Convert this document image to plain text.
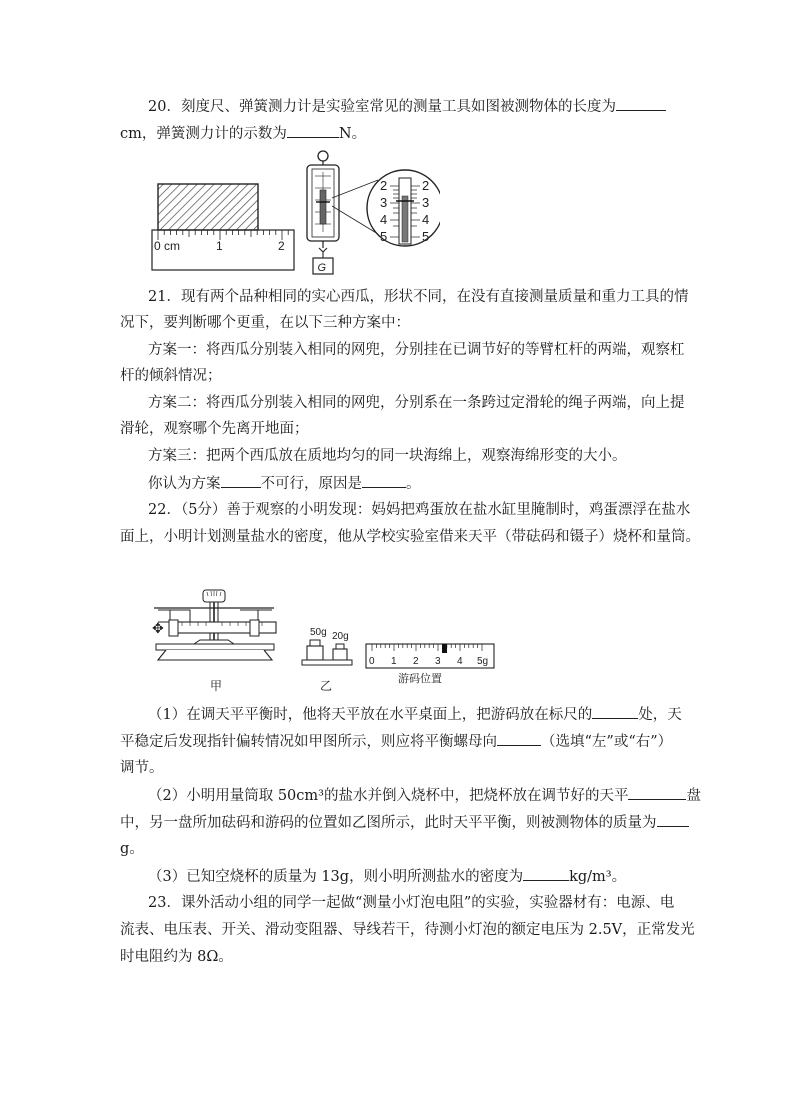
20．刻度尺、弹簧测力计是实验室常见的测量工具如图被测物体的长度为
cm，弹簧测力计的示数为	N。
0 cm	1	2
G
2
3
4
5
2
3
4
5
21．现有两个品种相同的实心西瓜，形状不同，在没有直接测量质量和重力工具的情
况下，要判断哪个更重，在以下三种方案中：
方案一：将西瓜分别装入相同的网兜，分别挂在已调节好的等臂杠杆的两端，观察杠
杆的倾斜情况；
方案二：将西瓜分别装入相同的网兜，分别系在一条跨过定滑轮的绳子两端，向上提
滑轮，观察哪个先离开地面；
方案三：把两个西瓜放在质地均匀的同一块海绵上，观察海绵形变的大小。
你认为方案	不可行，原因是	。
22．（5分）善于观察的小明发现：妈妈把鸡蛋放在盐水缸里腌制时，鸡蛋漂浮在盐水
面上，小明计划测量盐水的密度，他从学校实验室借来天平（带砝码和镊子）烧杯和量筒。
✥
甲
50g 20g
乙
0 1 2 3 4 5g
游码位置
（1）在调天平平衡时，他将天平放在水平桌面上，把游码放在标尺的	处，天
平稳定后发现指针偏转情况如甲图所示，则应将平衡螺母向	（选填“左”或“右”）
调节。
（2）小明用量筒取 50cm³的盐水并倒入烧杯中，把烧杯放在调节好的天平	盘
中，另一盘所加砝码和游码的位置如乙图所示，此时天平平衡，则被测物体的质量为
g。
（3）已知空烧杯的质量为 13g，则小明所测盐水的密度为	kg/m³。
23．课外活动小组的同学一起做“测量小灯泡电阻”的实验，实验器材有：电源、电
流表、电压表、开关、滑动变阻器、导线若干，待测小灯泡的额定电压为 2.5V，正常发光
时电阻约为 8Ω。
